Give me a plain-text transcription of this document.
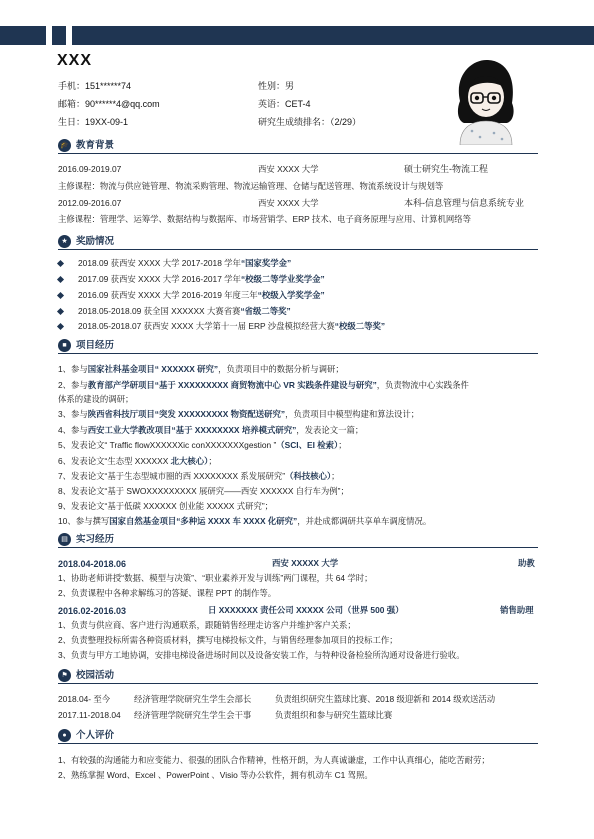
XXX
手机：151******74	性别：男
邮箱：90******4@qq.com	英语：CET-4
生日：19XX-09-1	研究生成绩排名：（2/29）
🎓 教育背景
2016.09-2019.07	西安 XXXX 大学	硕士研究生-物流工程
主修课程：物流与供应链管理、物流采购管理、物流运输管理、仓储与配送管理、物流系统设计与规划等
2012.09-2016.07	西安 XXXX 大学	本科-信息管理与信息系统专业
主修课程：管理学、运筹学、数据结构与数据库、市场营销学、ERP 技术、电子商务原理与应用、计算机网络等
★ 奖励情况
2018.09 获西安 XXXX 大学 2017-2018 学年“国家奖学金”
2017.09 获西安 XXXX 大学 2016-2017 学年“校级二等学业奖学金”
2016.09 获西安 XXXX 大学 2016-2019 年度三年“校级入学奖学金”
2018.05-2018.09 获全国 XXXXXX 大赛省赛“省级二等奖”
2018.05-2018.07 获西安 XXXX 大学第十一届 ERP 沙盘模拟经营大赛“校级二等奖”
■ 项目经历
1、参与国家社科基金项目“ XXXXXX 研究”，负责项目中的数据分析与调研；
2、参与教育部产学研项目“基于 XXXXXXXXX 商贸物流中心 VR 实践条件建设与研究”，负责物流中心实践条件
体系的建设的调研；
3、参与陕西省科技厅项目“突发 XXXXXXXXX 物资配送研究”，负责项目中模型构建和算法设计；
4、参与西安工业大学教改项目“基于 XXXXXXXX 培养模式研究”，发表论文一篇；
5、发表论文“ Traffic flowXXXXXXic conXXXXXXXgestion ”（SCI、EI 检索）；
6、发表论文“生态型 XXXXXX 北大核心）；
7、发表论文“基于生态型城市圈的西 XXXXXXXX 系发展研究”（科技核心）；
8、发表论文“基于 SWOXXXXXXXXX 展研究——西安 XXXXXX 自行车为例”；
9、发表论文“基于低碳 XXXXXX 创业能 XXXXX 式研究”；
10、参与撰写国家自然基金项目“多种运 XXXX 车 XXXX 化研究”，并赴成都调研共享单车调度情况。
▤ 实习经历
2018.04-2018.06	西安 XXXXX 大学	助教
1、协助老师讲授“数据、模型与决策”、“职业素养开发与训练”两门课程，共 64 学时；
2、负责课程中各种求解练习的答疑、课程 PPT 的制作等。
2016.02-2016.03	日 XXXXXXX 责任公司 XXXXX 公司（世界 500 强）	销售助理
1、负责与供应商、客户进行沟通联系，跟随销售经理走访客户并维护客户关系；
2、负责整理投标所需各种资质材料，撰写电梯投标文件，与销售经理参加项目的投标工作；
3、负责与甲方工地协调，安排电梯设备进场时间以及设备安装工作，与特种设备检验所沟通对设备进行验收。
⚑ 校园活动
2018.04- 至今	经济管理学院研究生学生会部长	负责组织研究生篮球比赛、2018 级迎新和 2014 级欢送活动
2017.11-2018.04 经济管理学院研究生学生会干事	负责组织和参与研究生篮球比赛
● 个人评价
1、有较强的沟通能力和应变能力、很强的团队合作精神，性格开朗，为人真诚谦虚，工作中认真细心，能吃苦耐劳；
2、熟练掌握 Word、Excel 、PowerPoint 、Visio 等办公软件，拥有机动车 C1 驾照。
